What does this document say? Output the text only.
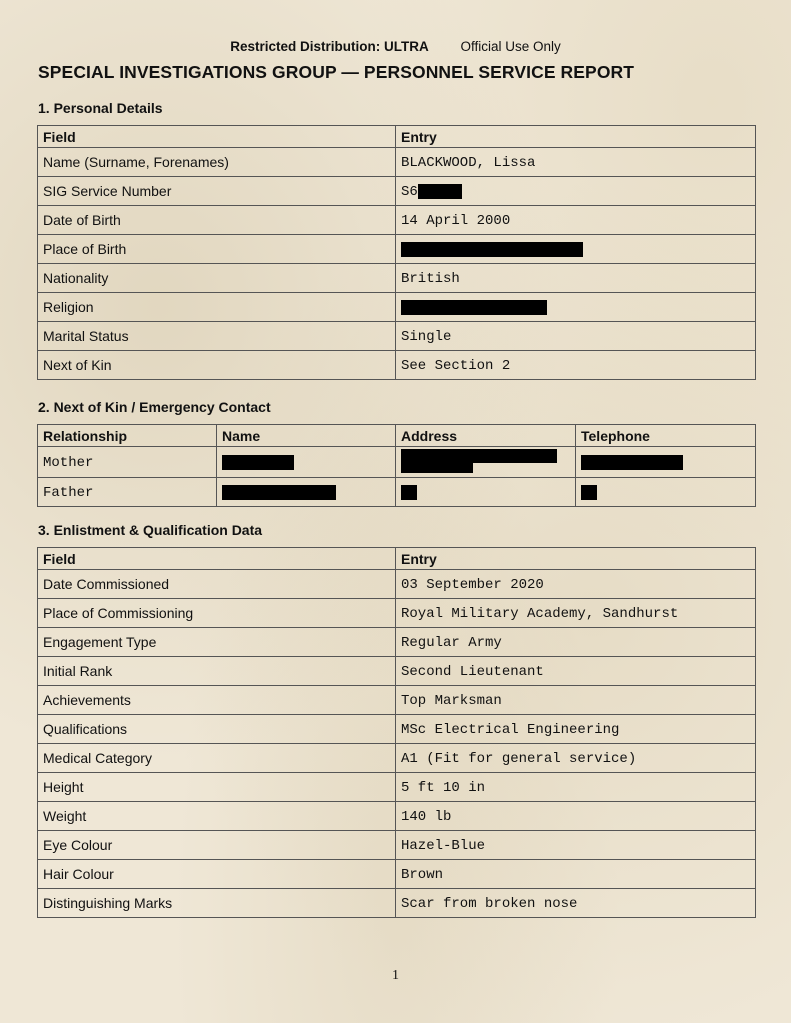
Restricted Distribution: ULTRA Official Use Only
SPECIAL INVESTIGATIONS GROUP — PERSONNEL SERVICE REPORT
1. Personal Details
Field	Entry
Name (Surname, Forenames)	BLACKWOOD, Lissa
SIG Service Number	S6
Date of Birth	14 April 2000
Place of Birth	
Nationality	British
Religion	
Marital Status	Single
Next of Kin	See Section 2
2. Next of Kin / Emergency Contact
Relationship	Name	Address	Telephone
Mother		

Father			
3. Enlistment & Qualification Data
Field	Entry
Date Commissioned	03 September 2020
Place of Commissioning	Royal Military Academy, Sandhurst
Engagement Type	Regular Army
Initial Rank	Second Lieutenant
Achievements	Top Marksman
Qualifications	MSc Electrical Engineering
Medical Category	A1 (Fit for general service)
Height	5 ft 10 in
Weight	140 lb
Eye Colour	Hazel-Blue
Hair Colour	Brown
Distinguishing Marks	Scar from broken nose
1
